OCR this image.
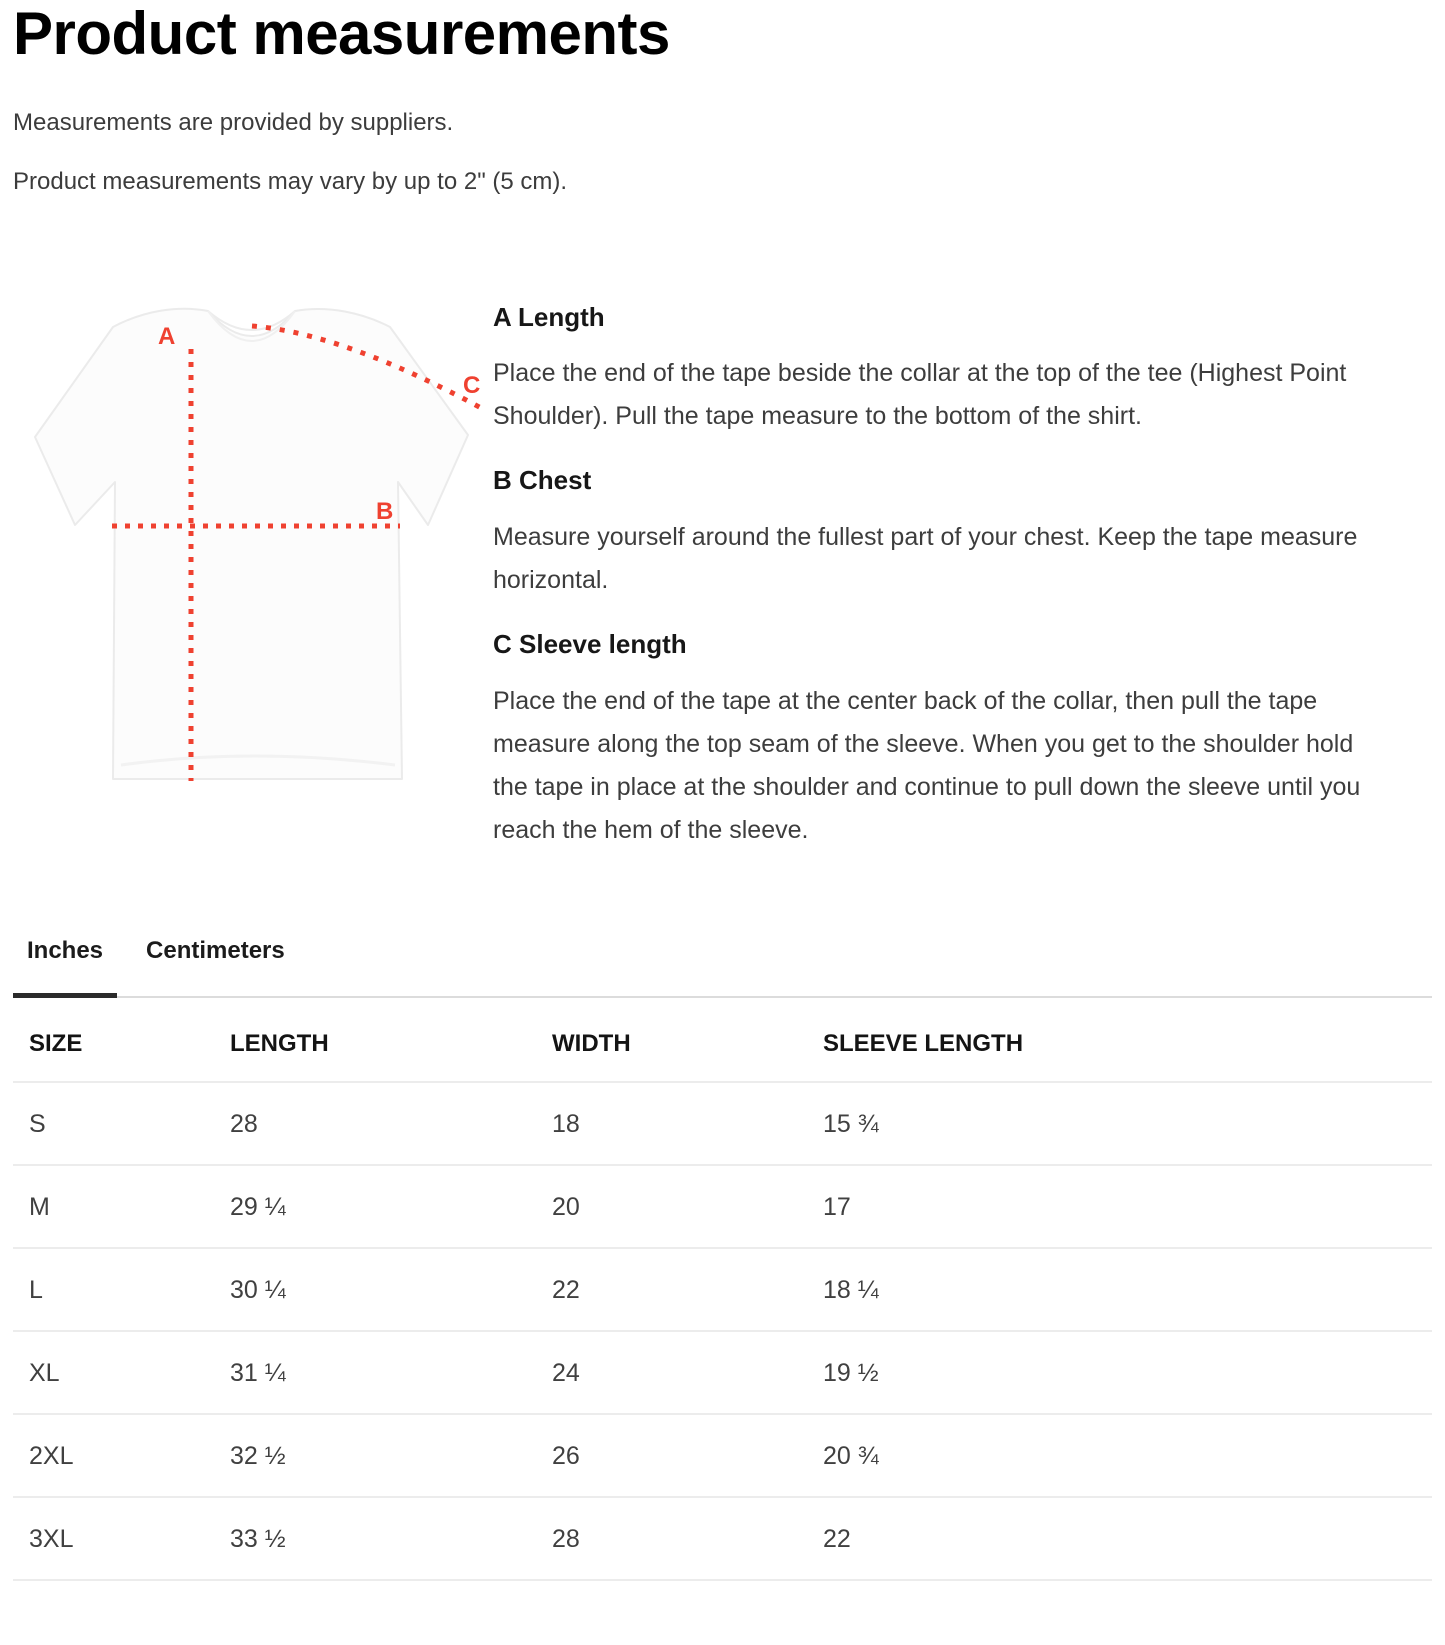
Product measurements

Measurements are provided by suppliers.

Product measurements may vary by up to 2" (5 cm).

A
B
C
A Length

Place the end of the tape beside the collar at the top of the tee (Highest Point Shoulder). Pull the tape measure to the bottom of the shirt.

B Chest

Measure yourself around the fullest part of your chest. Keep the tape measure horizontal.

C Sleeve length

Place the end of the tape at the center back of the collar, then pull the tape measure along the top seam of the sleeve. When you get to the shoulder hold the tape in place at the shoulder and continue to pull down the sleeve until you reach the hem of the sleeve.

Inches	Centimeters
SIZE	LENGTH	WIDTH	SLEEVE LENGTH
S	28	18	15 ¾
M	29 ¼	20	17
L	30 ¼	22	18 ¼
XL	31 ¼	24	19 ½
2XL	32 ½	26	20 ¾
3XL	33 ½	28	22
